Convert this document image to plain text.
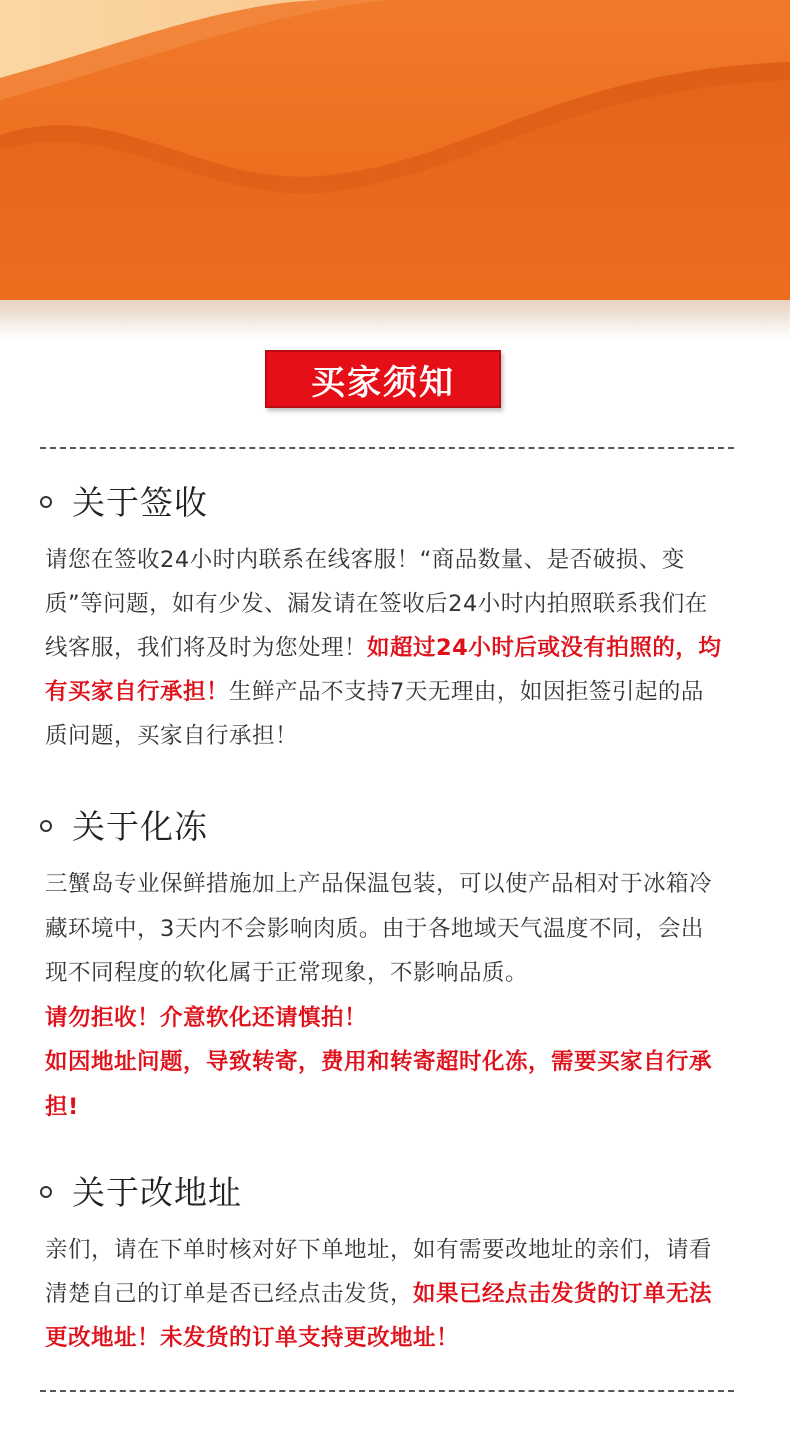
买家须知
关于签收

请您在签收24小时内联系在线客服！“商品数量、是否破损、变质”等问题，如有少发、漏发请在签收后24小时内拍照联系我们在线客服，我们将及时为您处理！如超过24小时后或没有拍照的，均有买家自行承担！生鲜产品不支持7天无理由，如因拒签引起的品质问题，买家自行承担！

关于化冻

三蟹岛专业保鲜措施加上产品保温包装，可以使产品相对于冰箱冷藏环境中，3天内不会影响肉质。由于各地域天气温度不同，会出现不同程度的软化属于正常现象，不影响品质。
请勿拒收！介意软化还请慎拍！
如因地址问题，导致转寄，费用和转寄超时化冻，需要买家自行承担!

关于改地址

亲们，请在下单时核对好下单地址，如有需要改地址的亲们，请看清楚自己的订单是否已经点击发货，如果已经点击发货的订单无法更改地址！未发货的订单支持更改地址！
